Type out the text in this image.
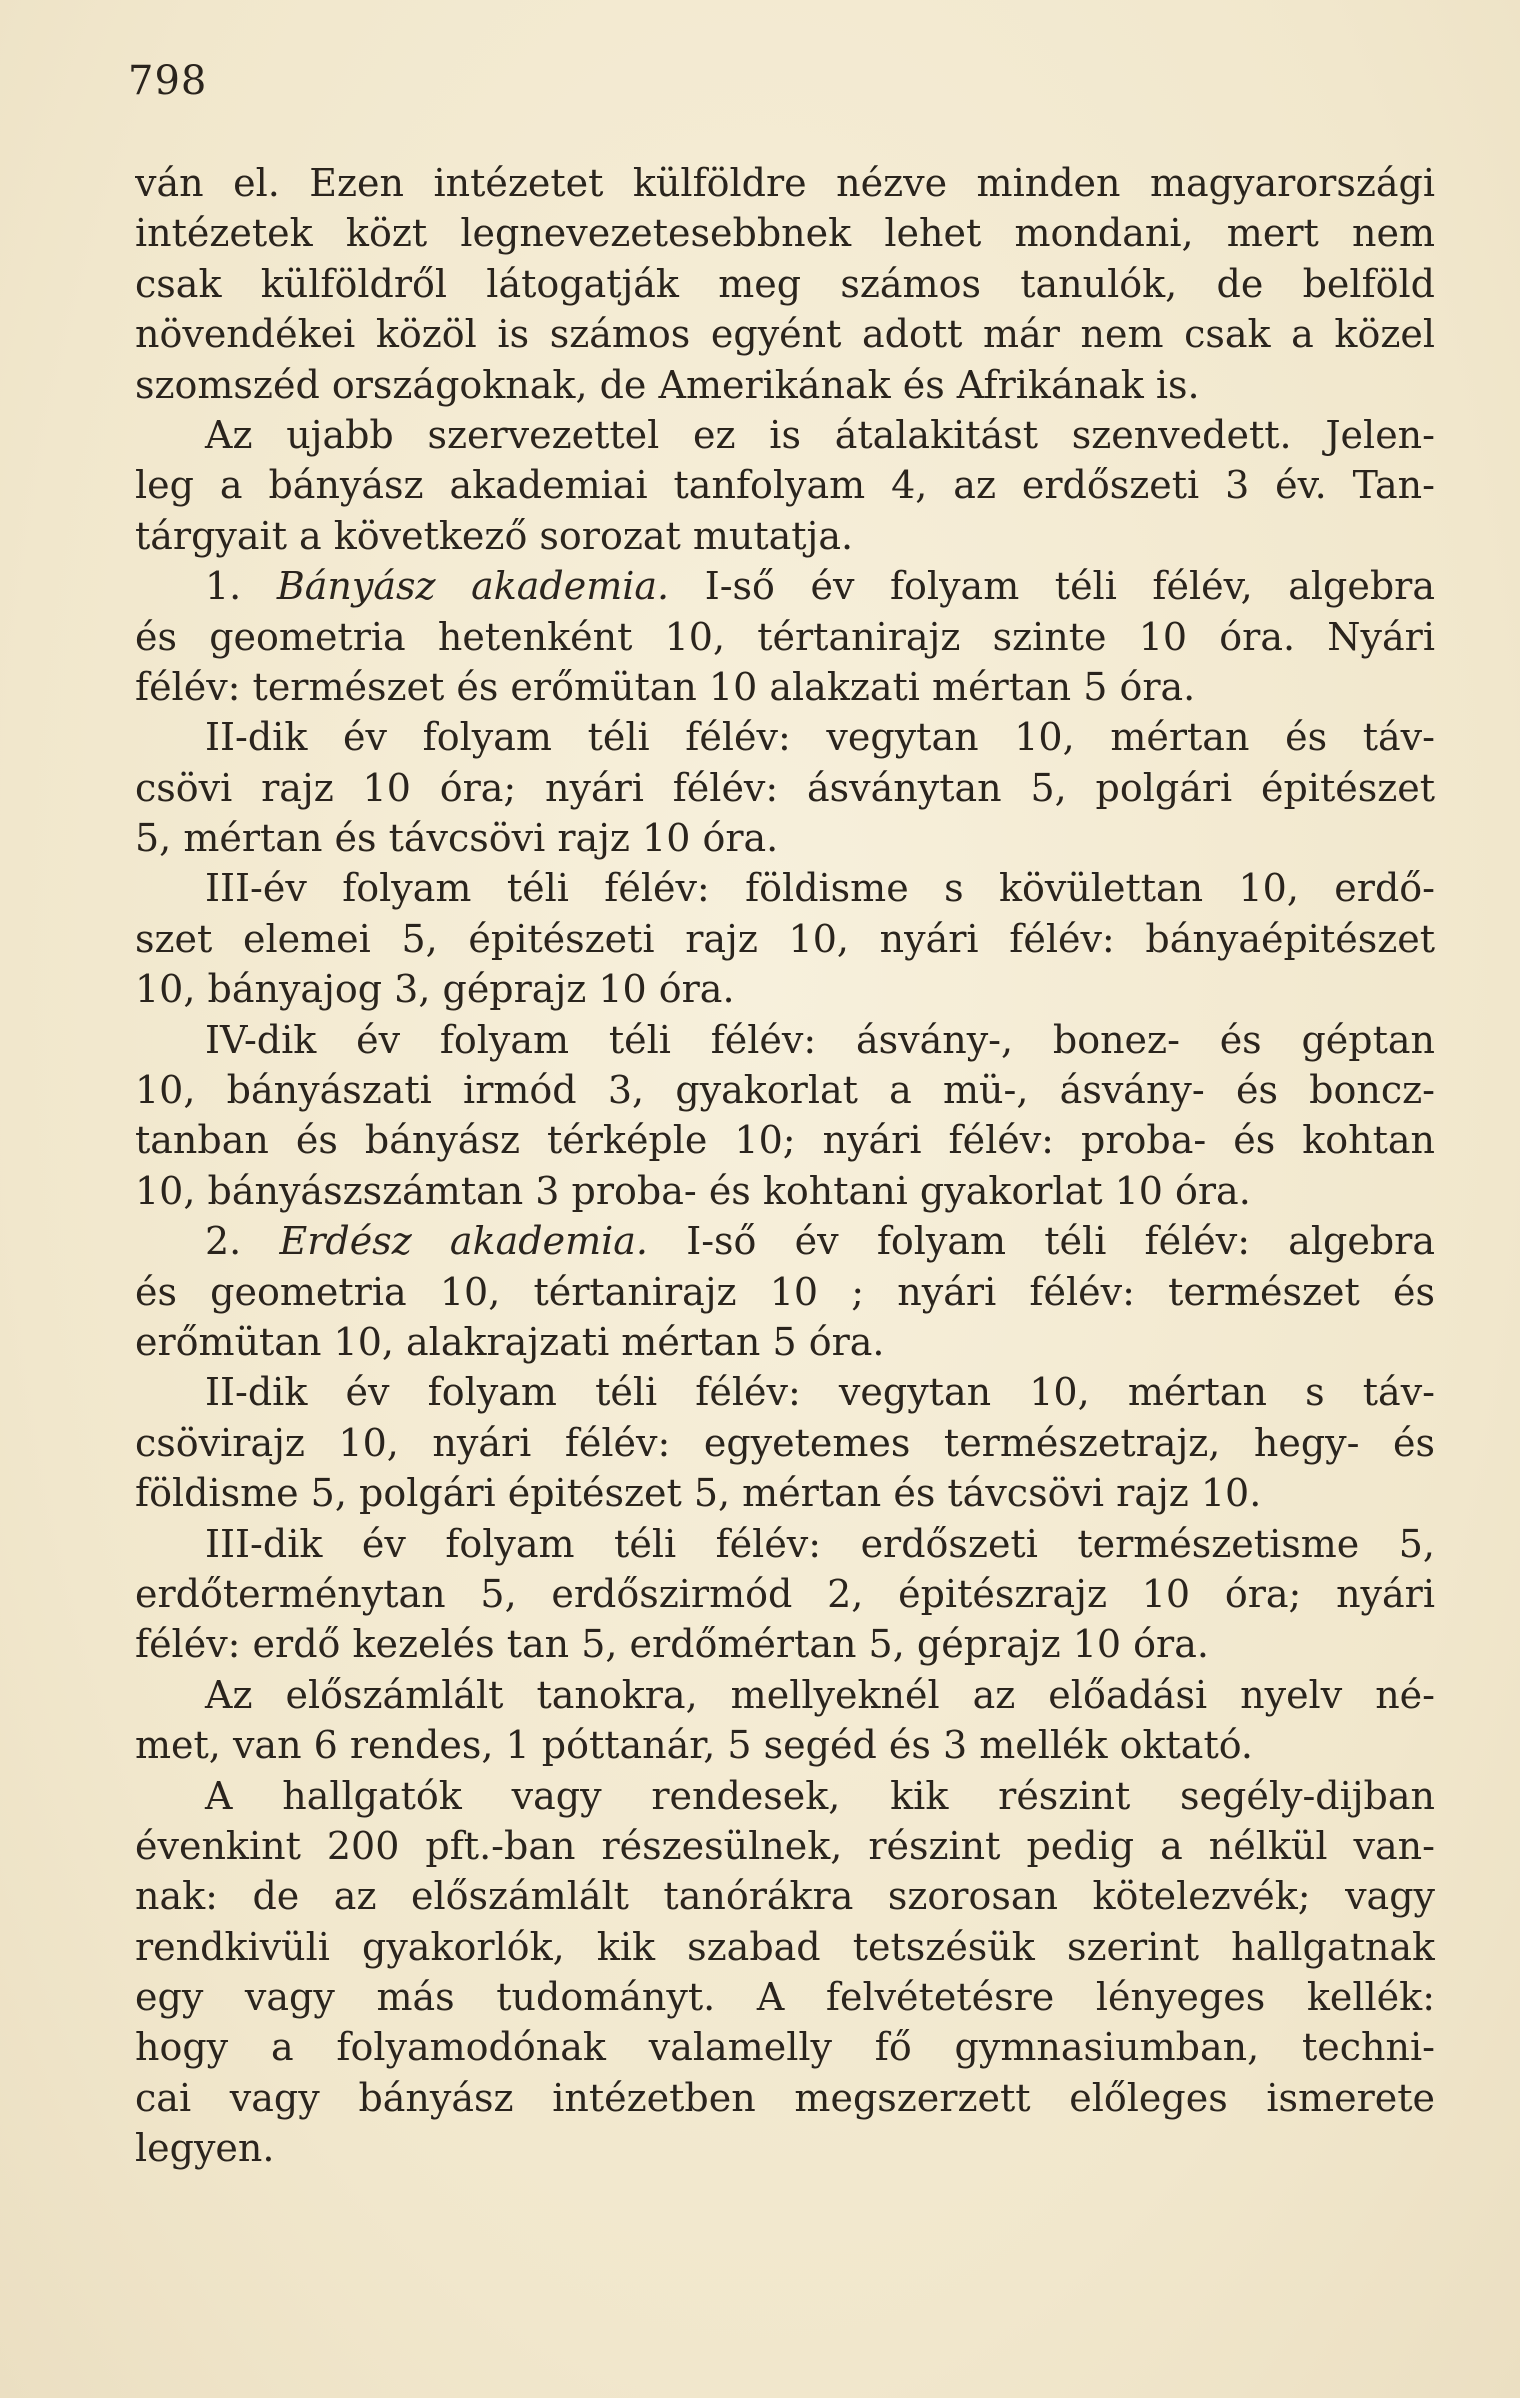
798
ván el. Ezen intézetet külföldre nézve minden magyarországi
intézetek közt legnevezetesebbnek lehet mondani, mert nem
csak külföldről látogatják meg számos tanulók, de belföld
növendékei közöl is számos egyént adott már nem csak a közel
szomszéd országoknak, de Amerikának és Afrikának is.
Az ujabb szervezettel ez is átalakitást szenvedett. Jelen-
leg a bányász akademiai tanfolyam 4, az erdőszeti 3 év. Tan-
tárgyait a következő sorozat mutatja.
1. Bányász akademia. I-ső év folyam téli félév, algebra
és geometria hetenként 10, tértanirajz szinte 10 óra. Nyári
félév: természet és erőmütan 10 alakzati mértan 5 óra.
II-dik év folyam téli félév: vegytan 10, mértan és táv-
csövi rajz 10 óra; nyári félév: ásványtan 5, polgári épitészet
5, mértan és távcsövi rajz 10 óra.
III-év folyam téli félév: földisme s kövülettan 10, erdő-
szet elemei 5, épitészeti rajz 10, nyári félév: bányaépitészet
10, bányajog 3, géprajz 10 óra.
IV-dik év folyam téli félév: ásvány-, bonez- és géptan
10, bányászati irmód 3, gyakorlat a mü-, ásvány- és boncz-
tanban és bányász térképle 10; nyári félév: proba- és kohtan
10, bányászszámtan 3 proba- és kohtani gyakorlat 10 óra.
2. Erdész akademia. I-ső év folyam téli félév: algebra
és geometria 10, tértanirajz 10 ; nyári félév: természet és
erőmütan 10, alakrajzati mértan 5 óra.
II-dik év folyam téli félév: vegytan 10, mértan s táv-
csövirajz 10, nyári félév: egyetemes természetrajz, hegy- és
földisme 5, polgári épitészet 5, mértan és távcsövi rajz 10.
III-dik év folyam téli félév: erdőszeti természetisme 5,
erdőterménytan 5, erdőszirmód 2, épitészrajz 10 óra; nyári
félév: erdő kezelés tan 5, erdőmértan 5, géprajz 10 óra.
Az előszámlált tanokra, mellyeknél az előadási nyelv né-
met, van 6 rendes, 1 póttanár, 5 segéd és 3 mellék oktató.
A hallgatók vagy rendesek, kik részint segély-dijban
évenkint 200 pft.-ban részesülnek, részint pedig a nélkül van-
nak: de az előszámlált tanórákra szorosan kötelezvék; vagy
rendkivüli gyakorlók, kik szabad tetszésük szerint hallgatnak
egy vagy más tudományt. A felvétetésre lényeges kellék:
hogy a folyamodónak valamelly fő gymnasiumban, techni-
cai vagy bányász intézetben megszerzett előleges ismerete
legyen.
